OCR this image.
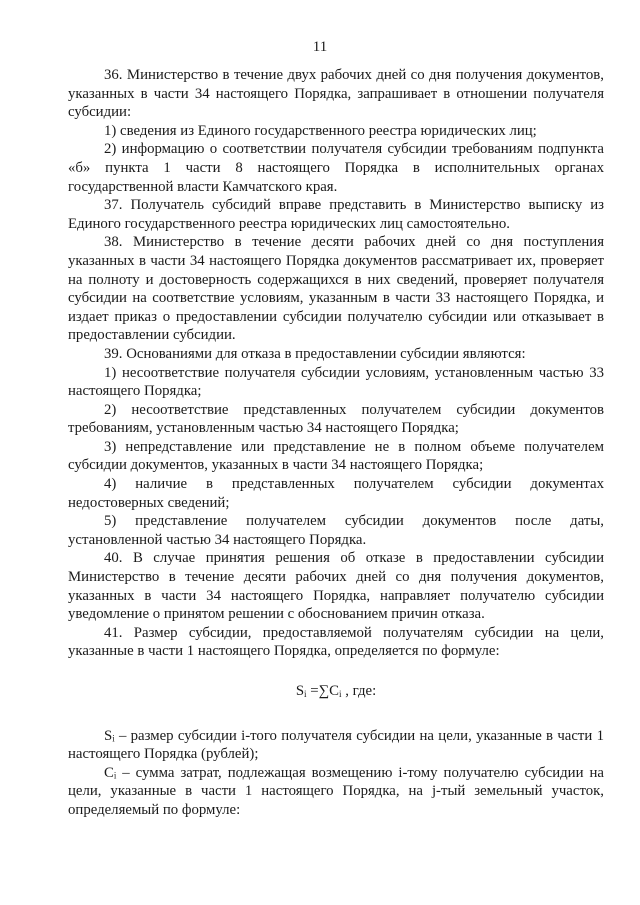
11

36. Министерство в течение двух рабочих дней со дня получения документов, указанных в части 34 настоящего Порядка, запрашивает в отношении получателя субсидии:

1) сведения из Единого государственного реестра юридических лиц;

2) информацию о соответствии получателя субсидии требованиям подпункта «б» пункта 1 части 8 настоящего Порядка в исполнительных органах государственной власти Камчатского края.

37. Получатель субсидий вправе представить в Министерство выписку из Единого государственного реестра юридических лиц самостоятельно.

38. Министерство в течение десяти рабочих дней со дня поступления указанных в части 34 настоящего Порядка документов рассматривает их, проверяет на полноту и достоверность содержащихся в них сведений, проверяет получателя субсидии на соответствие условиям, указанным в части 33 настоящего Порядка, и издает приказ о предоставлении субсидии получателю субсидии или отказывает в предоставлении субсидии.

39. Основаниями для отказа в предоставлении субсидии являются:

1) несоответствие получателя субсидии условиям, установленным частью 33 настоящего Порядка;

2) несоответствие представленных получателем субсидии документов требованиям, установленным частью 34 настоящего Порядка;

3) непредставление или представление не в полном объеме получателем субсидии документов, указанных в части 34 настоящего Порядка;

4) наличие в представленных получателем субсидии документах недостоверных сведений;

5) представление получателем субсидии документов после даты, установленной частью 34 настоящего Порядка.

40. В случае принятия решения об отказе в предоставлении субсидии Министерство в течение десяти рабочих дней со дня получения документов, указанных в части 34 настоящего Порядка, направляет получателю субсидии уведомление о принятом решении с обоснованием причин отказа.

41. Размер субсидии, предоставляемой получателям субсидии на цели, указанные в части 1 настоящего Порядка, определяется по формуле:

$S_i =\sum C_i$ , где:

Sᵢ – размер субсидии i-того получателя субсидии на цели, указанные в части 1 настоящего Порядка (рублей);

Cᵢ – сумма затрат, подлежащая возмещению i-тому получателю субсидии на цели, указанные в части 1 настоящего Порядка, на j-тый земельный участок, определяемый по формуле:
